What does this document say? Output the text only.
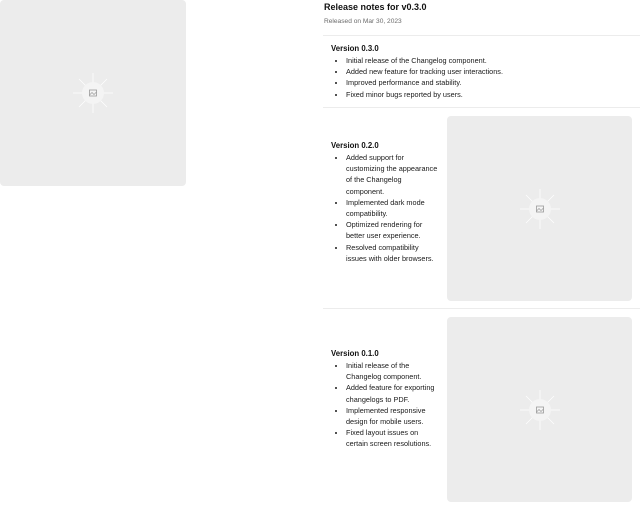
Release notes for v0.3.0
Released on Mar 30, 2023
Version 0.3.0
• Initial release of the Changelog component.
• Added new feature for tracking user interactions.
• Improved performance and stability.
• Fixed minor bugs reported by users.
Version 0.2.0
• Added support for customizing the appearance of the Changelog component.
• Implemented dark mode compatibility.
• Optimized rendering for better user experience.
• Resolved compatibility issues with older browsers.
Version 0.1.0
• Initial release of the Changelog component.
• Added feature for exporting changelogs to PDF.
• Implemented responsive design for mobile users.
• Fixed layout issues on certain screen resolutions.
